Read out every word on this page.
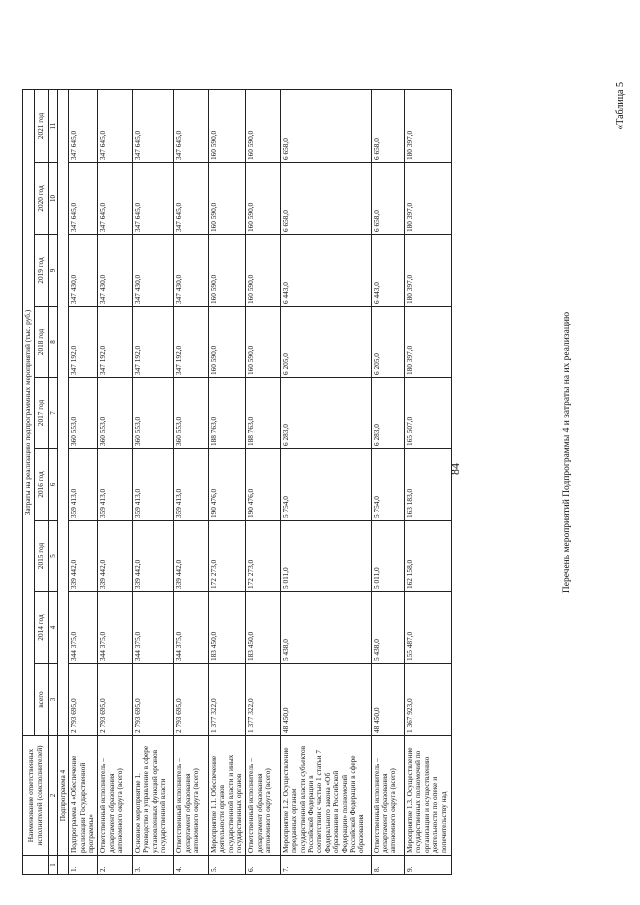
84
«Таблица 5
Перечень мероприятий Подпрограммы 4 и затраты на их реализацию
	Наименование ответственных исполнителей (соисполнителей)	Затраты на реализацию подпрограммных мероприятий (тыс. руб.)								
		всего	2014 год	2015 год	2016 год	2017 год	2018 год	2019 год	2020 год	2021 год
1	2	3	4	5	6	7	8	9	10	11
	Подпрограмма 4									
1.	Подпрограмма 4 «Обеспечение реализации Государственной программы»	2 793 695,0	344 375,0	339 442,0	359 413,0	360 553,0	347 192,0	347 430,0	347 645,0	347 645,0
2.	Ответственный исполнитель – департамент образования автономного округа (всего)	2 793 695,0	344 375,0	339 442,0	359 413,0	360 553,0	347 192,0	347 430,0	347 645,0	347 645,0
3.	Основное мероприятие 1. Руководство и управление в сфере установленных функций органов государственной власти	2 793 695,0	344 375,0	339 442,0	359 413,0	360 553,0	347 192,0	347 430,0	347 645,0	347 645,0
4.	Ответственный исполнитель – департамент образования автономного округа (всего)	2 793 695,0	344 375,0	339 442,0	359 413,0	360 553,0	347 192,0	347 430,0	347 645,0	347 645,0
5.	Мероприятие 1.1. Обеспечение деятельности органов государственной власти и иных государственных органов	1 377 322,0	183 450,0	172 273,0	190 476,0	188 763,0	160 590,0	160 590,0	160 590,0	160 590,0
6.	Ответственный исполнитель – департамент образования автономного округа (всего)	1 377 322,0	183 450,0	172 273,0	190 476,0	188 763,0	160 590,0	160 590,0	160 590,0	160 590,0
7.	Мероприятие 1.2. Осуществление переданных органам государственной власти субъектов Российской Федерации в соответствии с частью 1 статьи 7 Федерального закона «Об образовании в Российской Федерации» полномочий Российской Федерации в сфере образования	48 450,0	5 438,0	5 011,0	5 754,0	6 283,0	6 205,0	6 443,0	6 658,0	6 658,0
8.	Ответственный исполнитель – департамент образования автономного округа (всего)	48 450,0	5 438,0	5 011,0	5 754,0	6 283,0	6 205,0	6 443,0	6 658,0	6 658,0
9.	Мероприятие 1.3. Осуществление государственных полномочий по организации и осуществлению деятельности по опеке и попечительству над	1 367 923,0	155 487,0	162 158,0	163 183,0	165 507,0	180 397,0	180 397,0	180 397,0	180 397,0
